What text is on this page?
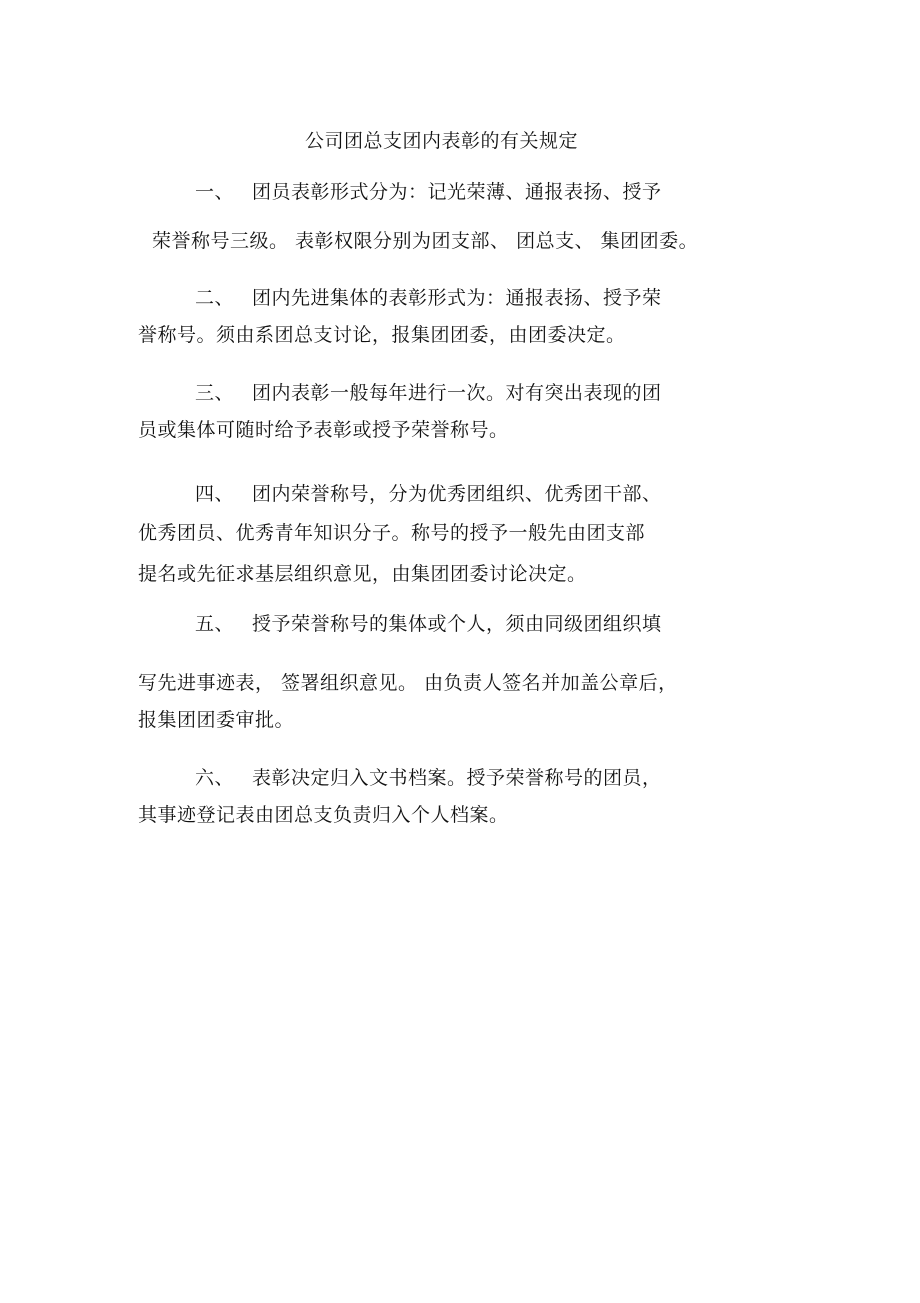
公司团总支团内表彰的有关规定
一、 团员表彰形式分为：记光荣薄、通报表扬、授予
荣誉称号三级。 表彰权限分别为团支部、 团总支、 集团团委。
二、 团内先进集体的表彰形式为：通报表扬、授予荣
誉称号。须由系团总支讨论，报集团团委，由团委决定。
三、 团内表彰一般每年进行一次。对有突出表现的团
员或集体可随时给予表彰或授予荣誉称号。
四、 团内荣誉称号，分为优秀团组织、优秀团干部、
优秀团员、优秀青年知识分子。称号的授予一般先由团支部
提名或先征求基层组织意见，由集团团委讨论决定。
五、 授予荣誉称号的集体或个人，须由同级团组织填
写先进事迹表， 签署组织意见。 由负责人签名并加盖公章后，
报集团团委审批。
六、 表彰决定归入文书档案。授予荣誉称号的团员，
其事迹登记表由团总支负责归入个人档案。
